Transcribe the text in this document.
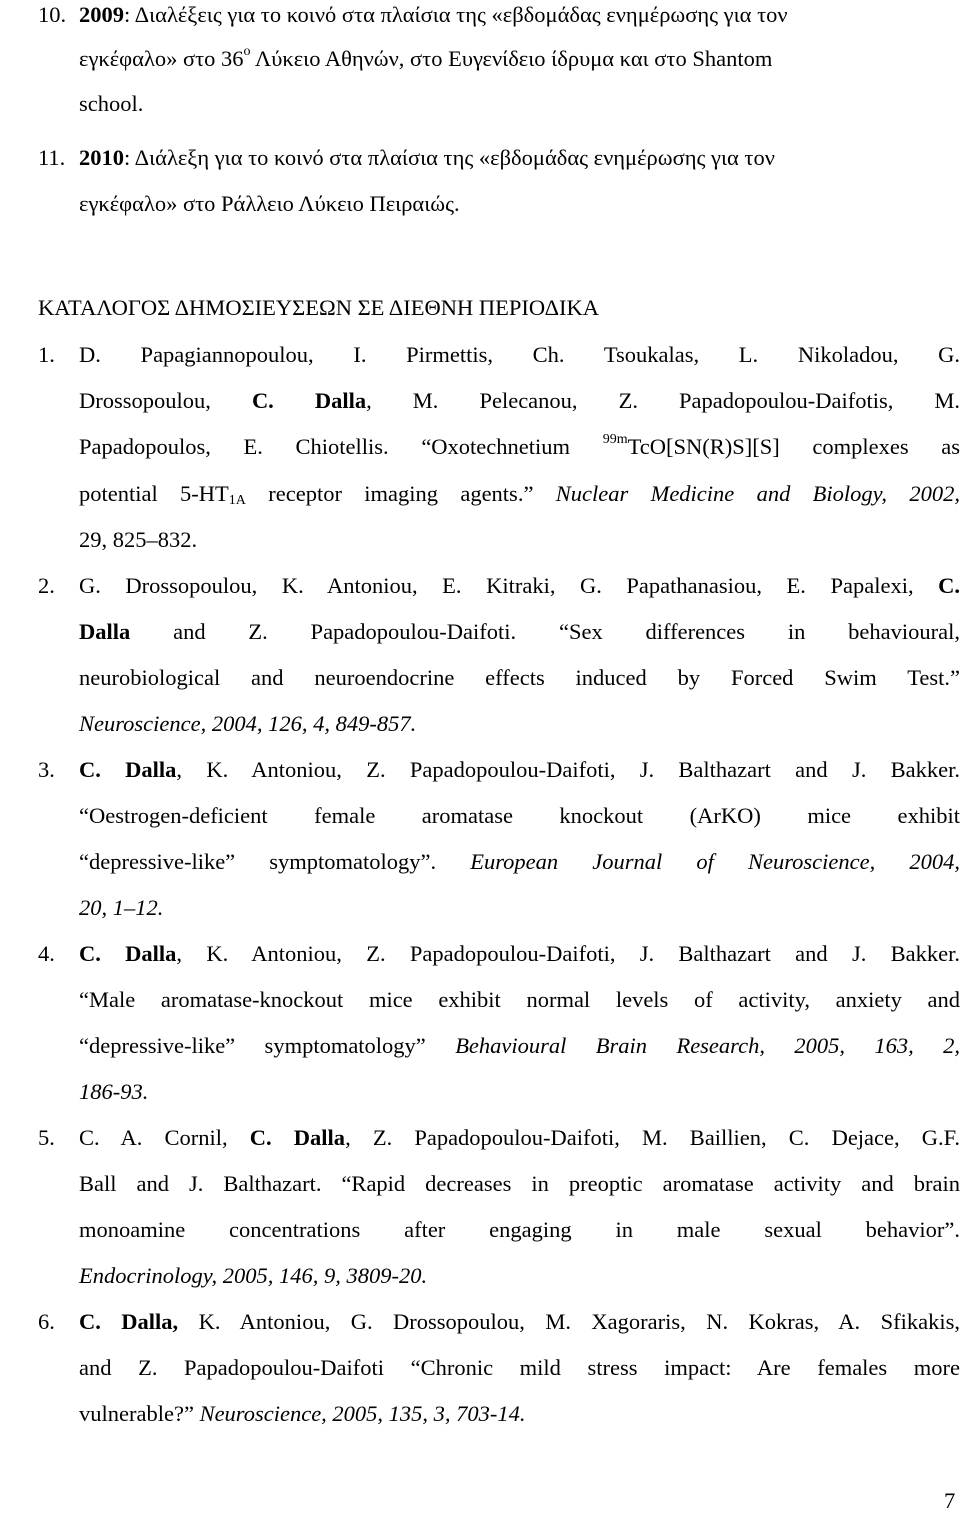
10. 2009: Διαλέξεις για το κοινό στα πλαίσια της «εβδομάδας ενημέρωσης για τον
εγκέφαλο» στο $36^o$ Λύκειο Αθηνών, στο Ευγενίδειο ίδρυμα και στο Shantom
school.
11. 2010: Διάλεξη για το κοινό στα πλαίσια της «εβδομάδας ενημέρωσης για τον
εγκέφαλο» στο Ράλλειο Λύκειο Πειραιώς.
ΚΑΤΑΛΟΓΟΣ ΔΗΜΟΣΙΕΥΣΕΩΝ ΣΕ ΔΙΕΘΝΗ ΠΕΡΙΟΔΙΚΑ
1. D. Papagiannopoulou, I. Pirmettis, Ch. Tsoukalas, L. Nikoladou, G.
Drossopoulou, C. Dalla, M. Pelecanou, Z. Papadopoulou-Daifotis, M.
Papadopoulos, E. Chiotellis. “Oxotechnetium $^{99m}$TcO[SN(R)S][S] complexes as
potential $5-HT_{1A}$ receptor imaging agents.” Nuclear Medicine and Biology, 2002,
29, 825–832.
2. G. Drossopoulou, K. Antoniou, E. Kitraki, G. Papathanasiou, E. Papalexi, C.
Dalla and Z. Papadopoulou-Daifoti. “Sex differences in behavioural,
neurobiological and neuroendocrine effects induced by Forced Swim Test.”
Neuroscience, 2004, 126, 4, 849-857.
3. C. Dalla, K. Antoniou, Z. Papadopoulou-Daifoti, J. Balthazart and J. Bakker.
“Oestrogen-deficient female aromatase knockout (ArKO) mice exhibit
“depressive-like” symptomatology”. European Journal of Neuroscience, 2004,
20, 1–12.
4. C. Dalla, K. Antoniou, Z. Papadopoulou-Daifoti, J. Balthazart and J. Bakker.
“Male aromatase-knockout mice exhibit normal levels of activity, anxiety and
“depressive-like” symptomatology” Behavioural Brain Research, 2005, 163, 2,
186-93.
5. C. A. Cornil, C. Dalla, Z. Papadopoulou-Daifoti, M. Baillien, C. Dejace, G.F.
Ball and J. Balthazart. “Rapid decreases in preoptic aromatase activity and brain
monoamine concentrations after engaging in male sexual behavior”.
Endocrinology, 2005, 146, 9, 3809-20.
6. C. Dalla, K. Antoniou, G. Drossopoulou, M. Xagoraris, N. Kokras, A. Sfikakis,
and Z. Papadopoulou-Daifoti “Chronic mild stress impact: Are females more
vulnerable?” Neuroscience, 2005, 135, 3, 703-14.
7
